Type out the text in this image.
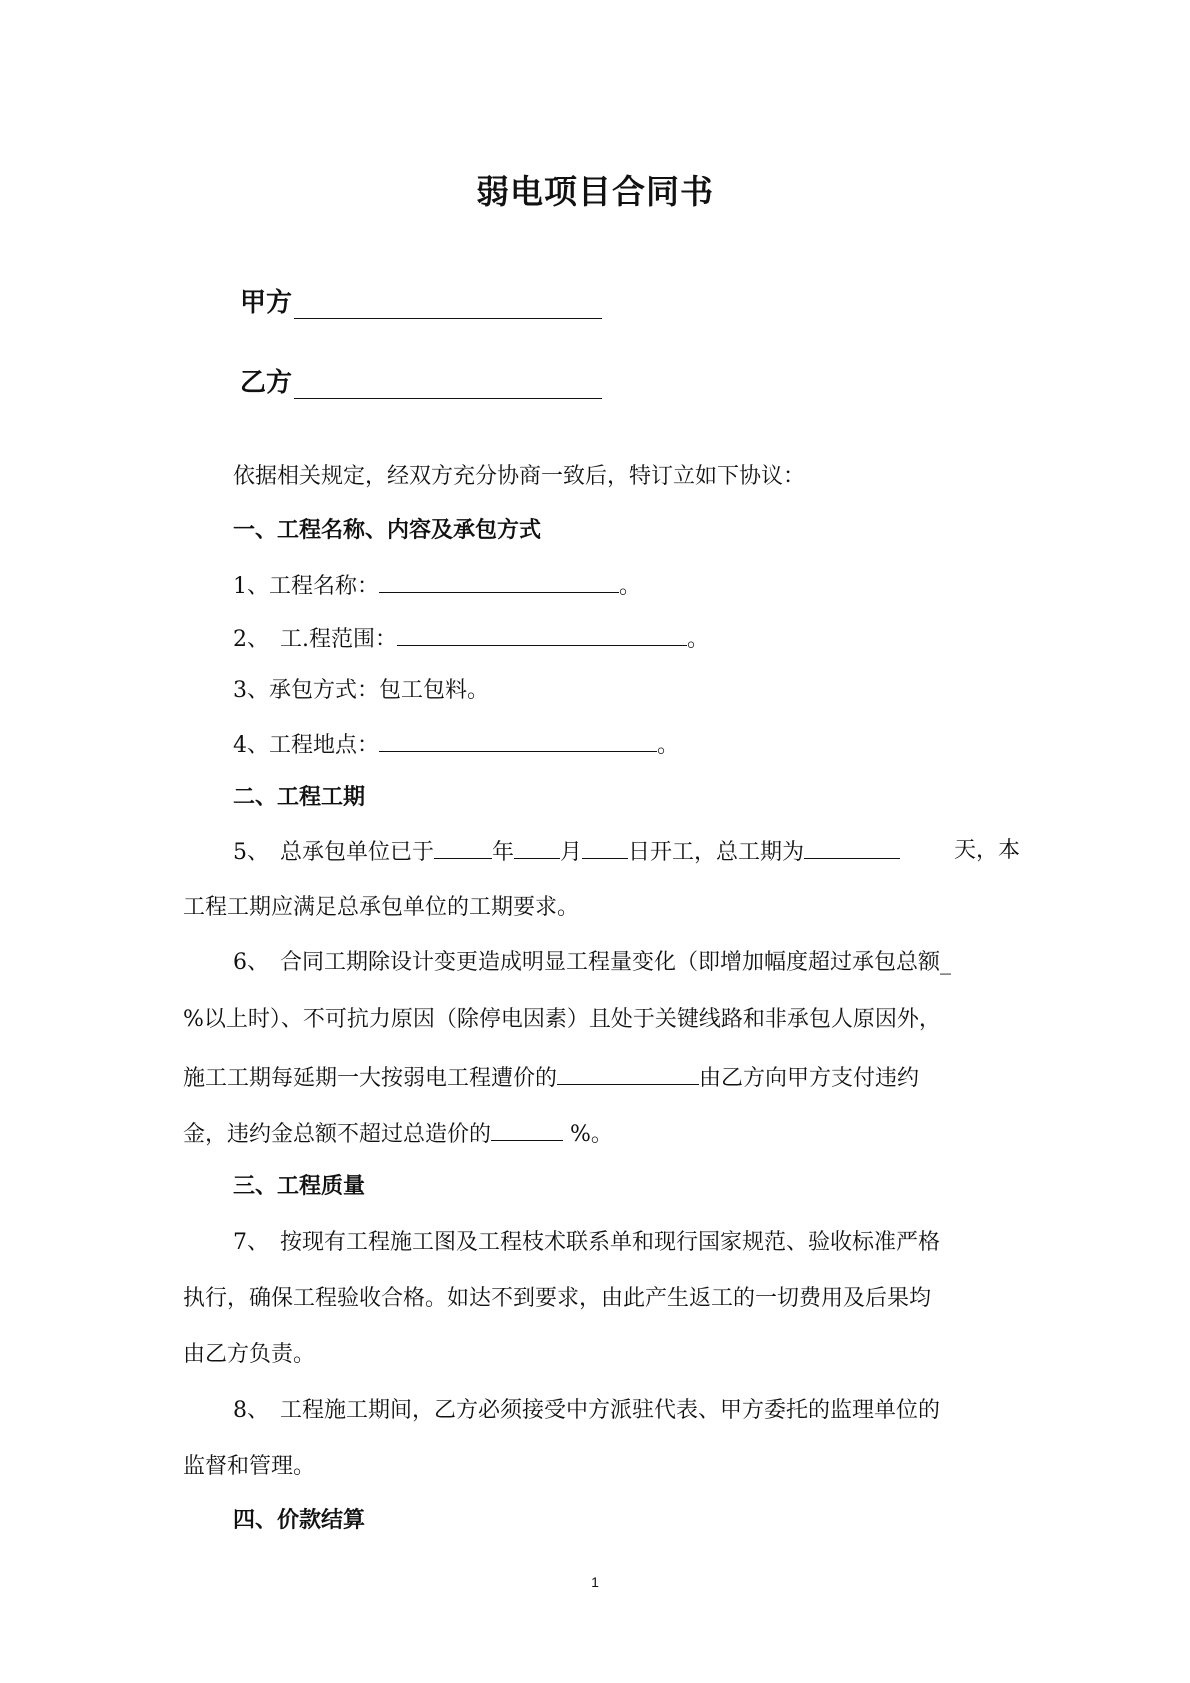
弱电项目合同书
甲方
乙方
依据相关规定，经双方充分协商一致后，特订立如下协议：
一、工程名称、内容及承包方式
1、工程名称：	。
2、　工.程范围：	。
3、承包方式：包工包料。
4、工程地点：	。
二、工程工期
5、　总承包单位已于	年 月 日开工，总工期为	天，本
工程工期应满足总承包单位的工期要求。
6、　合同工期除设计变更造成明显工程量变化（即增加幅度超过承包总额_
%以上时）、不可抗力原因（除停电因素）且处于关键线路和非承包人原因外，
施工工期每延期一大按弱电工程遭价的	由乙方向甲方支付违约
金，违约金总额不超过总造价的	%。
三、工程质量
7、　按现有工程施工图及工程枝术联系单和现行国家规范、验收标准严格
执行，确保工程验收合格。如达不到要求，由此产生返工的一切费用及后果均
由乙方负责。
8、　工程施工期间，乙方必须接受中方派驻代表、甲方委托的监理单位的
监督和管理。
四、价款结算
1
